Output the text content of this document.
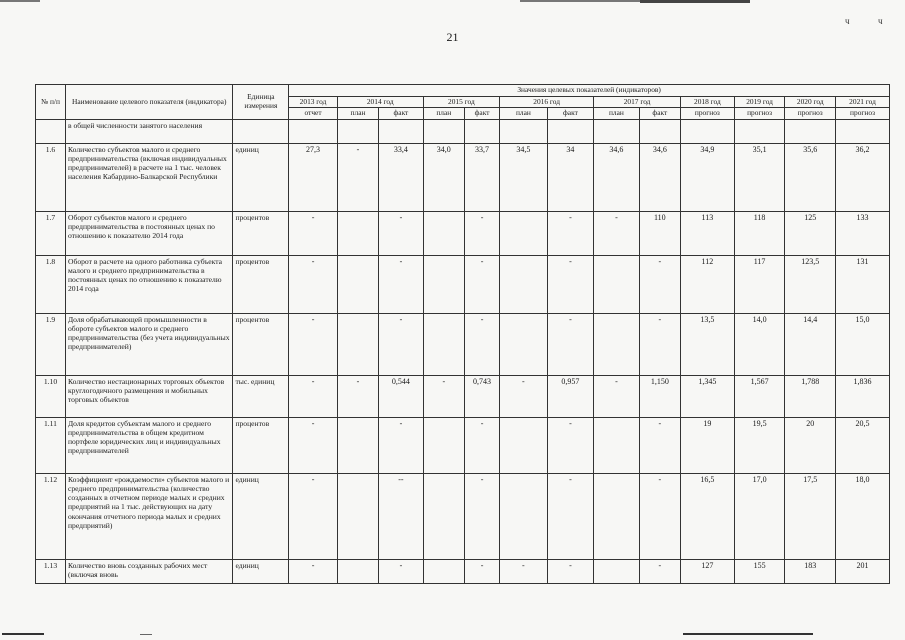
ч	ч
21
№ п/п	Наименование целевого показателя (индикатора)	Единица измерения	Значения целевых показателей (индикаторов)												
			2013 год	2014 год		2015 год		2016 год		2017 год		2018 год	2019 год	2020 год	2021 год
			отчет	план	факт	план	факт	план	факт	план	факт	прогноз	прогноз	прогноз	прогноз
	в общей численности занятого населения														
1.6	Количество субъектов малого и среднего предпринимательства (включая индивидуальных предпринимателей) в расчете на 1 тыс. человек населения Кабардино-Балкарской Республики	единиц	27,3	-	33,4	34,0	33,7	34,5	34	34,6	34,6	34,9	35,1	35,6	36,2
1.7	Оборот субъектов малого и среднего предпринимательства в постоянных ценах по отношению к показателю 2014 года	процентов	-		-		-		-	-	110	113	118	125	133
1.8	Оборот в расчете на одного работника субъекта малого и среднего предпринимательства в постоянных ценах по отношению к показателю 2014 года	процентов	-		-		-		-		-	112	117	123,5	131
1.9	Доля обрабатывающей промышленности в обороте субъектов малого и среднего предпринимательства (без учета индивидуальных предпринимателей)	процентов	-		-		-		-		-	13,5	14,0	14,4	15,0
1.10	Количество нестационарных торговых объектов круглогодичного размещения и мобильных торговых объектов	тыс. единиц	-	-	0,544	-	0,743	-	0,957	-	1,150	1,345	1,567	1,788	1,836
1.11	Доля кредитов субъектам малого и среднего предпринимательства в общем кредитном портфеле юридических лиц и индивидуальных предпринимателей	процентов	-		-		-		-		-	19	19,5	20	20,5
1.12	Коэффициент «рождаемости» субъектов малого и среднего предпринимательства (количество созданных в отчетном периоде малых и средних предприятий на 1 тыс. действующих на дату окончания отчетного периода малых и средних предприятий)	единиц	-		--		-		-		-	16,5	17,0	17,5	18,0
1.13	Количество вновь созданных рабочих мест (включая вновь	единиц	-		-		-	-	-		-	127	155	183	201
